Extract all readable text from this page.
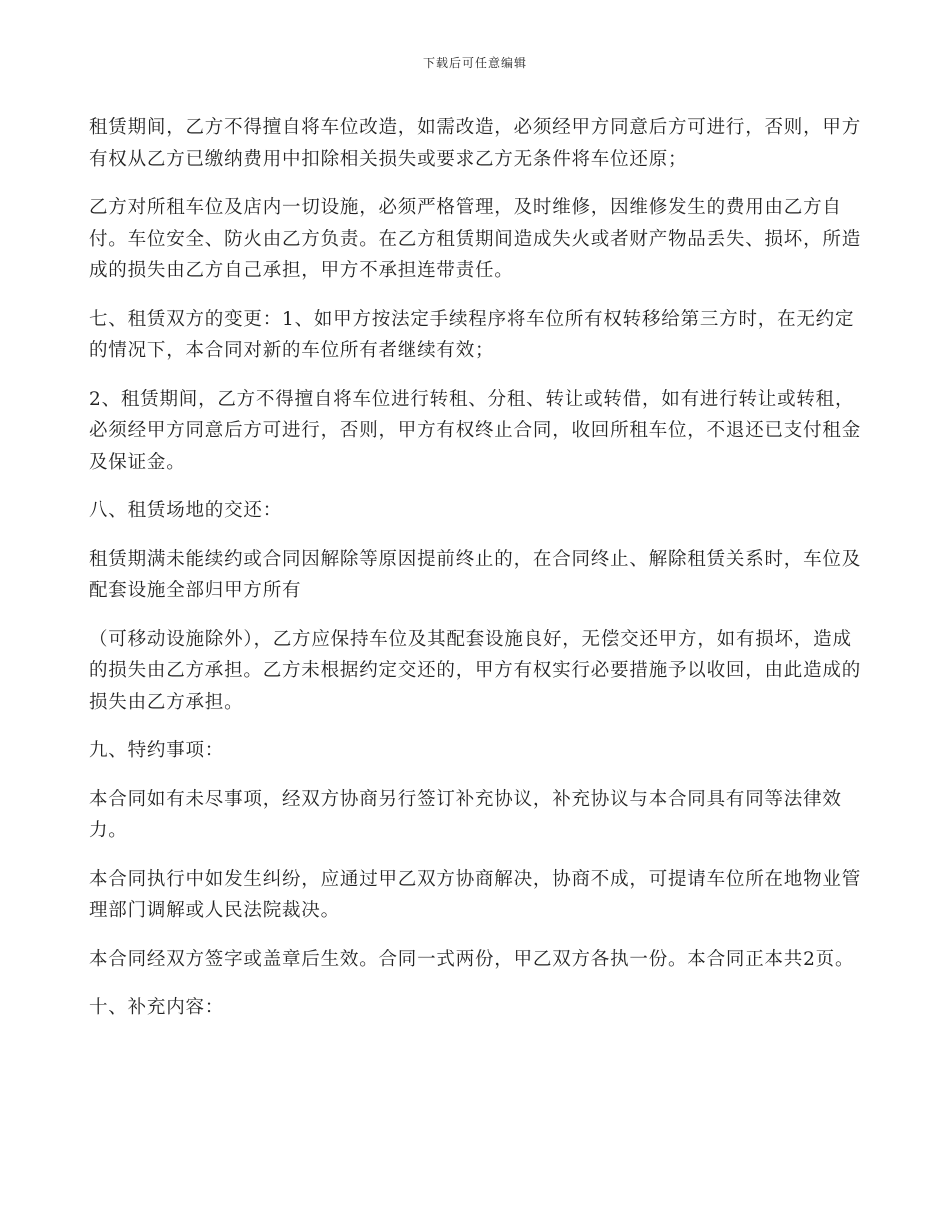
下载后可任意编辑

租赁期间，乙方不得擅自将车位改造，如需改造，必须经甲方同意后方可进行，否则，甲方有权从乙方已缴纳费用中扣除相关损失或要求乙方无条件将车位还原；

乙方对所租车位及店内一切设施，必须严格管理，及时维修，因维修发生的费用由乙方自付。车位安全、防火由乙方负责。在乙方租赁期间造成失火或者财产物品丢失、损坏，所造成的损失由乙方自己承担，甲方不承担连带责任。

七、租赁双方的变更：1、如甲方按法定手续程序将车位所有权转移给第三方时，在无约定的情况下，本合同对新的车位所有者继续有效；

2、租赁期间，乙方不得擅自将车位进行转租、分租、转让或转借，如有进行转让或转租，必须经甲方同意后方可进行，否则，甲方有权终止合同，收回所租车位，不退还已支付租金及保证金。

八、租赁场地的交还：

租赁期满未能续约或合同因解除等原因提前终止的，在合同终止、解除租赁关系时，车位及配套设施全部归甲方所有

（可移动设施除外），乙方应保持车位及其配套设施良好，无偿交还甲方，如有损坏，造成的损失由乙方承担。乙方未根据约定交还的，甲方有权实行必要措施予以收回，由此造成的损失由乙方承担。

九、特约事项：

本合同如有未尽事项，经双方协商另行签订补充协议，补充协议与本合同具有同等法律效力。

本合同执行中如发生纠纷，应通过甲乙双方协商解决，协商不成，可提请车位所在地物业管理部门调解或人民法院裁决。

本合同经双方签字或盖章后生效。合同一式两份，甲乙双方各执一份。本合同正本共2页。

十、补充内容：
